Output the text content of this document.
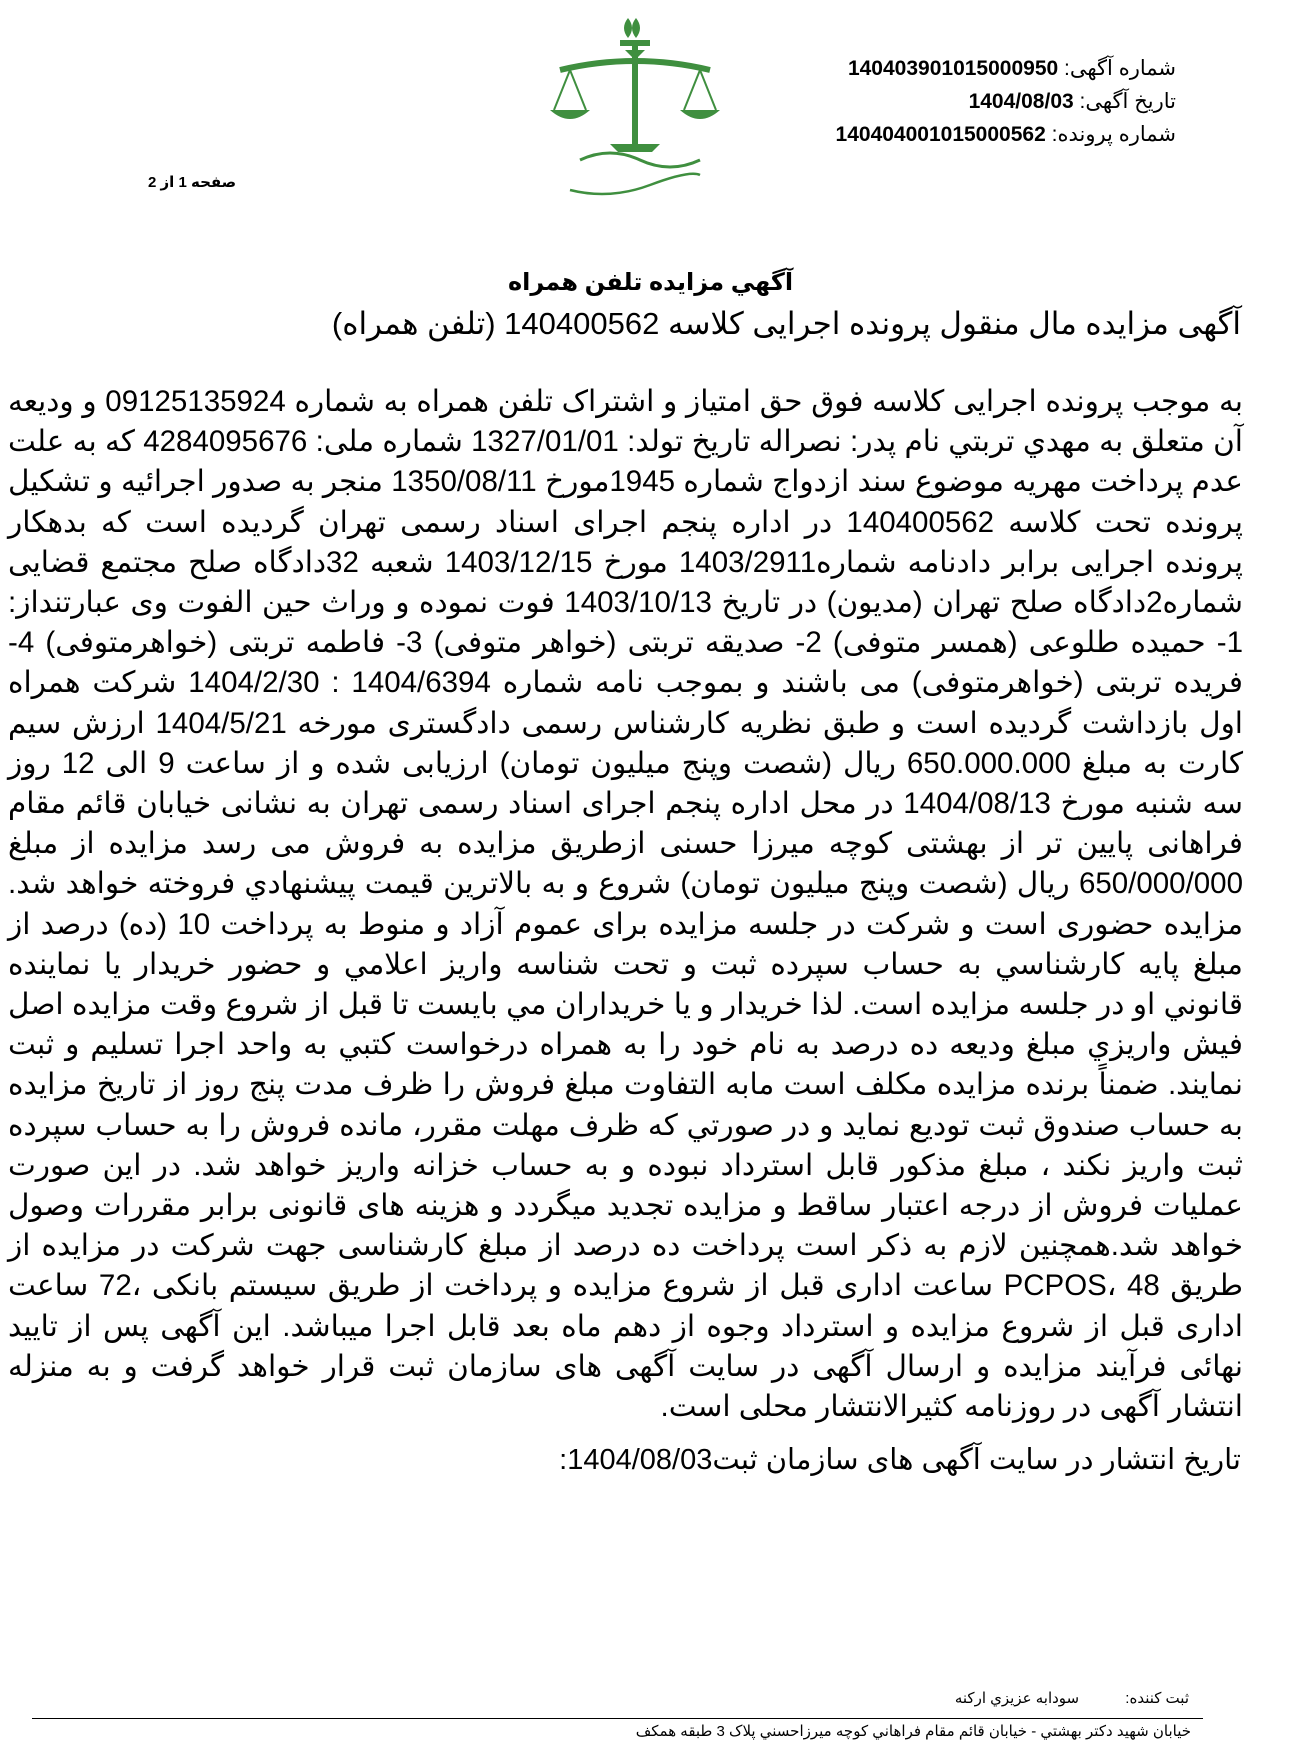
شماره آگهی: 140403901015000950
تاریخ آگهی: 1404/08/03
شماره پرونده: 140404001015000562
صفحه 1 از 2
آگهي مزايده تلفن همراه
آگهی مزایده مال منقول پرونده اجرایی کلاسه 140400562 (تلفن همراه)
به موجب پرونده اجرایی کلاسه فوق حق امتیاز و اشتراک تلفن همراه به شماره 09125135924 و ودیعه آن متعلق به مهدي تربتي نام پدر: نصراله تاریخ تولد: 1327/01/01 شماره ملی: 4284095676 که به علت عدم پرداخت مهریه موضوع سند ازدواج شماره 1945مورخ 1350/08/11 منجر به صدور اجرائیه و تشکیل پرونده تحت کلاسه 140400562 در اداره پنجم اجرای اسناد رسمی تهران گردیده است که بدهکار پرونده اجرایی برابر دادنامه شماره1403/2911 مورخ 1403/12/15 شعبه 32دادگاه صلح مجتمع قضایی شماره2دادگاه صلح تهران (مدیون) در تاریخ 1403/10/13 فوت نموده و وراث حین الفوت وی عبارتنداز: 1- حمیده طلوعی (همسر متوفی) 2- صدیقه تربتی (خواهر متوفی) 3- فاطمه تربتی (خواهرمتوفی) 4- فریده تربتی (خواهرمتوفی) می باشند و بموجب نامه شماره 1404/6394 : 1404/2/30 شرکت همراه اول بازداشت گردیده است و طبق نظریه کارشناس رسمی دادگستری مورخه 1404/5/21 ارزش سیم کارت به مبلغ 650.000.000 ریال (شصت وپنج میلیون تومان) ارزیابی شده و از ساعت 9 الی 12 روز سه شنبه مورخ 1404/08/13 در محل اداره پنجم اجرای اسناد رسمی تهران به نشانی خیابان قائم مقام فراهانی پایین تر از بهشتی کوچه میرزا حسنی ازطریق مزایده به فروش می رسد مزایده از مبلغ 650/000/000 ریال (شصت وپنج میلیون تومان) شروع و به بالاترین قیمت پیشنهادي فروخته خواهد شد. مزایده حضوری است و شرکت در جلسه مزایده برای عموم آزاد و منوط به پرداخت 10 (ده) درصد از مبلغ پایه کارشناسي به حساب سپرده ثبت و تحت شناسه واریز اعلامي و حضور خریدار یا نماینده قانوني او در جلسه مزایده است. لذا خریدار و یا خریداران مي بایست تا قبل از شروع وقت مزایده اصل فیش واریزي مبلغ ودیعه ده درصد به نام خود را به همراه درخواست کتبي به واحد اجرا تسلیم و ثبت نمایند. ضمناً برنده مزایده مکلف است مابه التفاوت مبلغ فروش را ظرف مدت پنج روز از تاریخ مزایده به حساب صندوق ثبت تودیع نماید و در صورتي که ظرف مهلت مقرر، مانده فروش را به حساب سپرده ثبت واریز نکند ، مبلغ مذکور قابل استرداد نبوده و به حساب خزانه واریز خواهد شد. در این صورت عملیات فروش از درجه اعتبار ساقط و مزایده تجدید میگردد و هزینه های قانونی برابر مقررات وصول خواهد شد.همچنین لازم به ذکر است پرداخت ده درصد از مبلغ کارشناسی جهت شرکت در مزایده از طریق PCPOS، 48 ساعت اداری قبل از شروع مزایده و پرداخت از طریق سیستم بانکی ،72 ساعت اداری قبل از شروع مزایده و استرداد وجوه از دهم ماه بعد قابل اجرا میباشد. این آگهی پس از تایید نهائی فرآیند مزایده و ارسال آگهی در سایت آگهی های سازمان ثبت قرار خواهد گرفت و به منزله انتشار آگهی در روزنامه کثیرالانتشار محلی است.
تاریخ انتشار در سایت آگهی های سازمان ثبت1404/08/03:
ثبت کننده: سودابه عزيزي ارکنه
خيابان شهيد دکتر بهشتي - خيابان قائم مقام فراهاني کوچه ميرزاحسني پلاک 3 طبقه همکف
